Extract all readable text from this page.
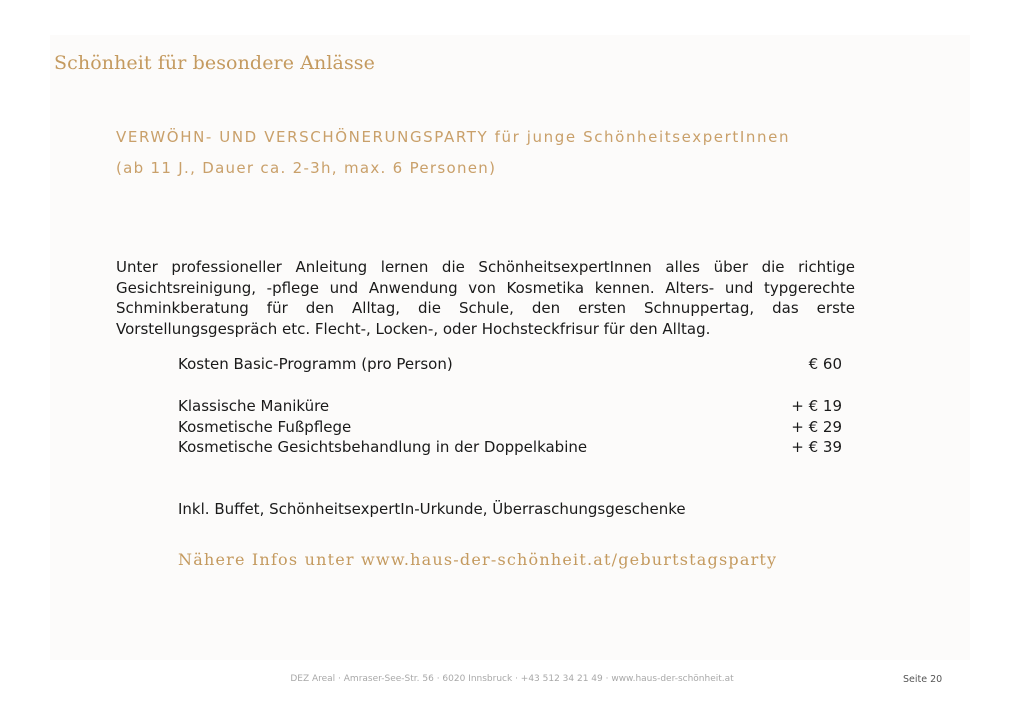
Schönheit für besondere Anlässe
VERWÖHN- UND VERSCHÖNERUNGSPARTY für junge SchönheitsexpertInnen
(ab 11 J., Dauer ca. 2-3h, max. 6 Personen)
Unter professioneller Anleitung lernen die SchönheitsexpertInnen alles über die richtige Gesichtsreinigung, -pflege und Anwendung von Kosmetika kennen. Alters- und typgerechte Schminkberatung für den Alltag, die Schule, den ersten Schnuppertag, das erste Vorstellungsgespräch etc. Flecht-, Locken-, oder Hochsteckfrisur für den Alltag.
Kosten Basic-Programm (pro Person)	€ 60
Klassische Maniküre	+ € 19
Kosmetische Fußpflege	+ € 29
Kosmetische Gesichtsbehandlung in der Doppelkabine	+ € 39
Inkl. Buffet, SchönheitsexpertIn-Urkunde, Überraschungsgeschenke
Nähere Infos unter www.haus-der-schönheit.at/geburtstagsparty
DEZ Areal · Amraser-See-Str. 56 · 6020 Innsbruck · +43 512 34 21 49 · www.haus-der-schönheit.at	Seite 20
